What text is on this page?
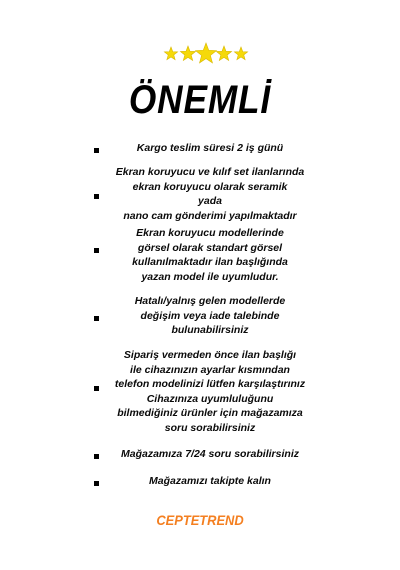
ÖNEMLİ
Kargo teslim süresi 2 iş günü
Ekran koruyucu ve kılıf set ilanlarında
ekran koruyucu olarak seramik
yada
nano cam gönderimi yapılmaktadır
Ekran koruyucu modellerinde
görsel olarak standart görsel
kullanılmaktadır ilan başlığında
yazan model ile uyumludur.
Hatalı/yalnış gelen modellerde
değişim veya iade talebinde
bulunabilirsiniz
Sipariş vermeden önce ilan başlığı
ile cihazınızın ayarlar kısmından
telefon modelinizi lütfen karşılaştırınız
Cihazınıza uyumluluğunu
bilmediğiniz ürünler için mağazamıza
soru sorabilirsiniz
Mağazamıza 7/24 soru sorabilirsiniz
Mağazamızı takipte kalın
CEPTETREND
